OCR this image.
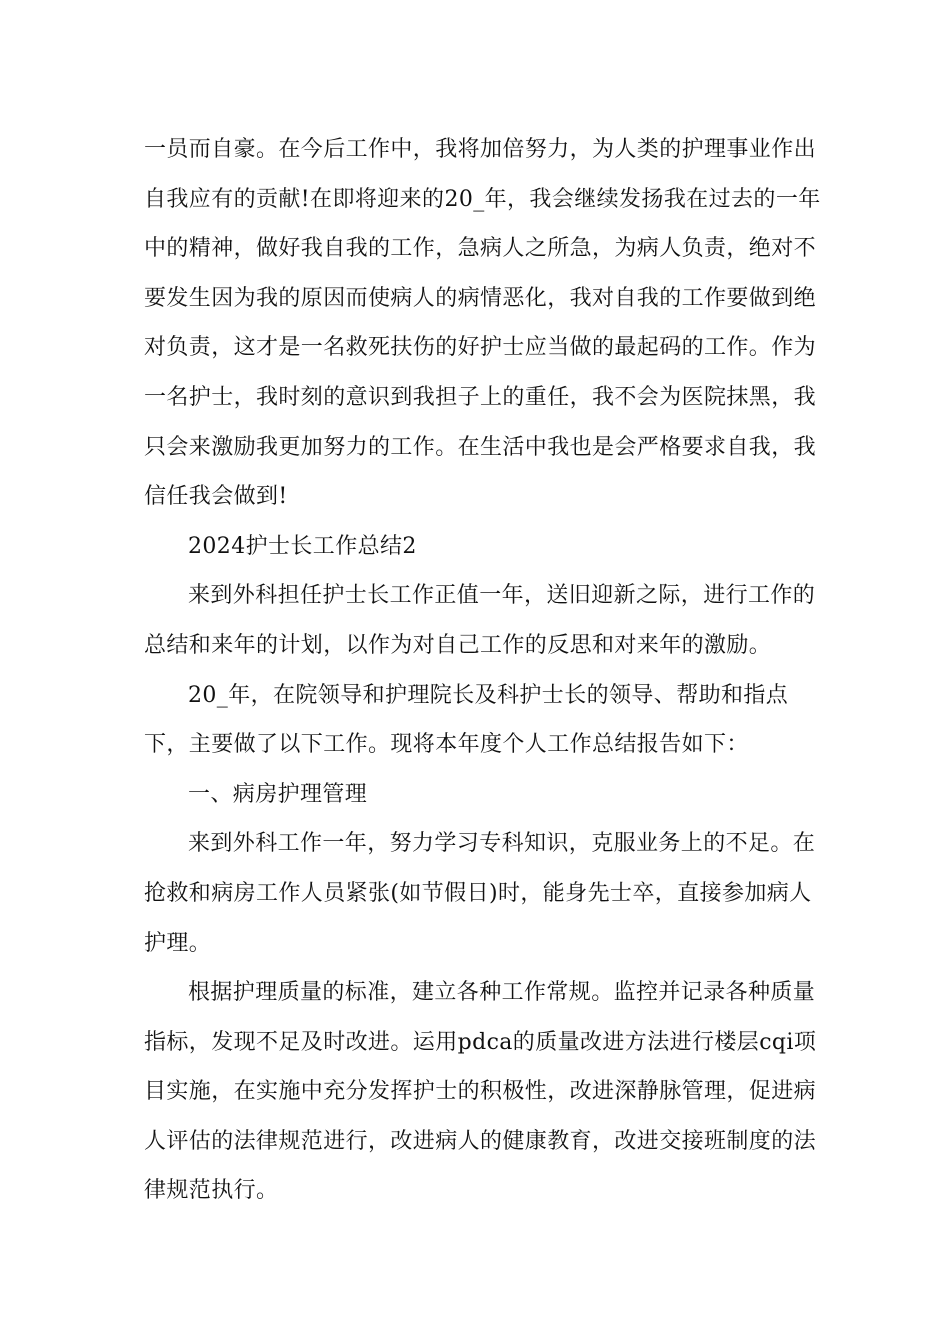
一员而自豪。在今后工作中，我将加倍努力，为人类的护理事业作出自我应有的贡献!在即将迎来的20_年，我会继续发扬我在过去的一年中的精神，做好我自我的工作，急病人之所急，为病人负责，绝对不要发生因为我的原因而使病人的病情恶化，我对自我的工作要做到绝对负责，这才是一名救死扶伤的好护士应当做的最起码的工作。作为一名护士，我时刻的意识到我担子上的重任，我不会为医院抹黑，我只会来激励我更加努力的工作。在生活中我也是会严格要求自我，我信任我会做到!

2024护士长工作总结2

来到外科担任护士长工作正值一年，送旧迎新之际，进行工作的总结和来年的计划，以作为对自己工作的反思和对来年的激励。

20_年，在院领导和护理院长及科护士长的领导、帮助和指点下，主要做了以下工作。现将本年度个人工作总结报告如下：

一、病房护理管理

来到外科工作一年，努力学习专科知识，克服业务上的不足。在抢救和病房工作人员紧张(如节假日)时，能身先士卒，直接参加病人护理。

根据护理质量的标准，建立各种工作常规。监控并记录各种质量指标，发现不足及时改进。运用pdca的质量改进方法进行楼层cqi项目实施，在实施中充分发挥护士的积极性，改进深静脉管理，促进病人评估的法律规范进行，改进病人的健康教育，改进交接班制度的法律规范执行。
